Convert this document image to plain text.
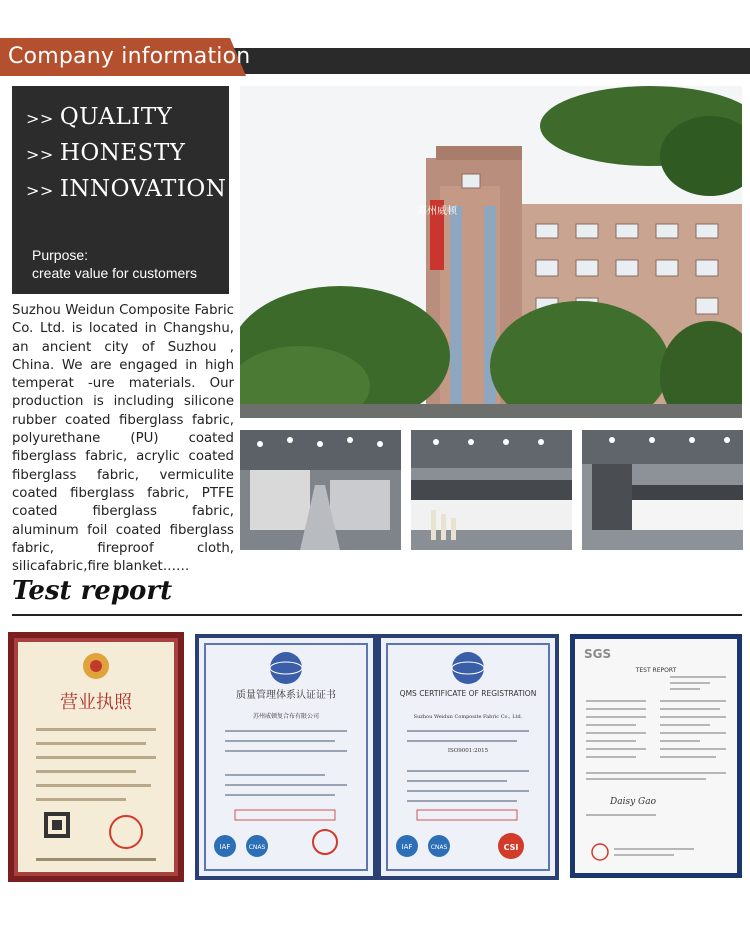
Company information
>> QUALITY
>> HONESTY
>> INNOVATION
Purpose:
create value for customers
Suzhou Weidun Composite Fabric Co. Ltd. is located in Changshu, an ancient city of Suzhou , China. We are engaged in high temperat -ure materials. Our production is including silicone rubber coated fiberglass fabric, polyurethane (PU) coated fiberglass fabric, acrylic coated fiberglass fabric, vermiculite coated fiberglass fabric, PTFE coated fiberglass fabric, aluminum foil coated fiberglass fabric, fireproof cloth, silicafabric,fire blanket……
苏州威顿
Test report
营业执照	质量管理体系认证证书	QMS CERTIFICATE OF REGISTRATION
苏州威顿复合布有限公司	Suzhou Weidun Composite Fabric Co., Ltd.
ISO9001:2015
IAF	CNAS	IAF	CNAS	CSI
SGS
TEST REPORT
Daisy Gao
